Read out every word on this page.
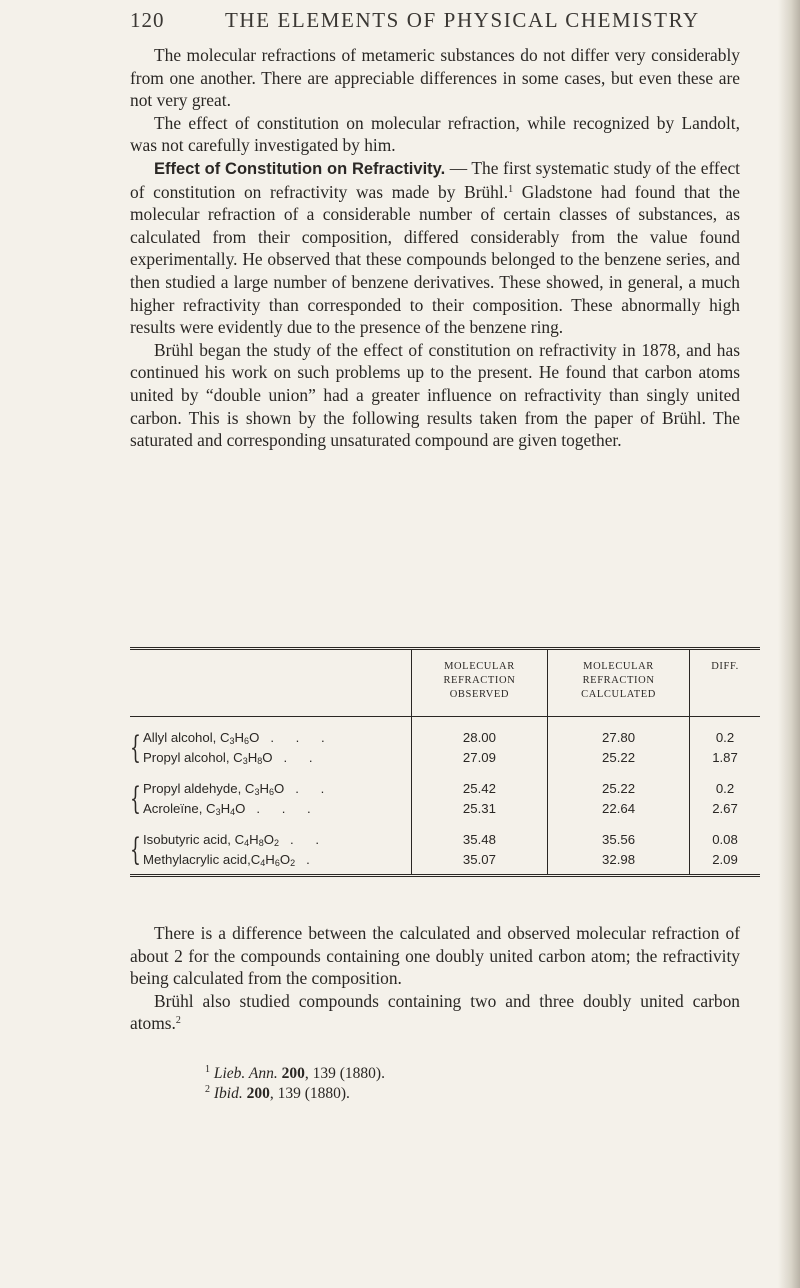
120	THE ELEMENTS OF PHYSICAL CHEMISTRY

The molecular refractions of metameric substances do not differ very considerably from one another. There are appreciable differences in some cases, but even these are not very great.

The effect of constitution on molecular refraction, while recognized by Landolt, was not carefully investigated by him.

Effect of Constitution on Refractivity. — The first systematic study of the effect of constitution on refractivity was made by Brühl.$^1$ Gladstone had found that the molecular refraction of a considerable number of certain classes of substances, as calculated from their composition, differed considerably from the value found experimentally. He observed that these compounds belonged to the benzene series, and then studied a large number of benzene derivatives. These showed, in general, a much higher refractivity than corresponded to their composition. These abnormally high results were evidently due to the presence of the benzene ring.

Brühl began the study of the effect of constitution on refractivity in 1878, and has continued his work on such problems up to the present. He found that carbon atoms united by “double union” had a greater influence on refractivity than singly united carbon. This is shown by the following results taken from the paper of Brühl. The saturated and corresponding unsaturated compound are given together.

	MOLECULAR REFRACTION OBSERVED	MOLECULAR REFRACTION CALCULATED	DIFF.

{ Allyl alcohol, $C_3H_6O$ . . .	28.00	27.80	0.2
Propyl alcohol, $C_3H_8O$ . .	27.09	25.22	1.87

{ Propyl aldehyde, $C_3H_6O$ . .	25.42	25.22	0.2
Acroleïne, $C_3H_4O$ . . .	25.31	22.64	2.67

{ Isobutyric acid, $C_4H_8O_2$ . .	35.48	35.56	0.08
Methylacrylic $acid,C_4H_6O_2$ .	35.07	32.98	2.09

There is a difference between the calculated and observed molecular refraction of about 2 for the compounds containing one doubly united carbon atom; the refractivity being calculated from the composition.

Brühl also studied compounds containing two and three doubly united carbon atoms.$^2$

$^1$ Lieb. Ann. 200, 139 (1880).
$^2$ Ibid. 200, 139 (1880).
